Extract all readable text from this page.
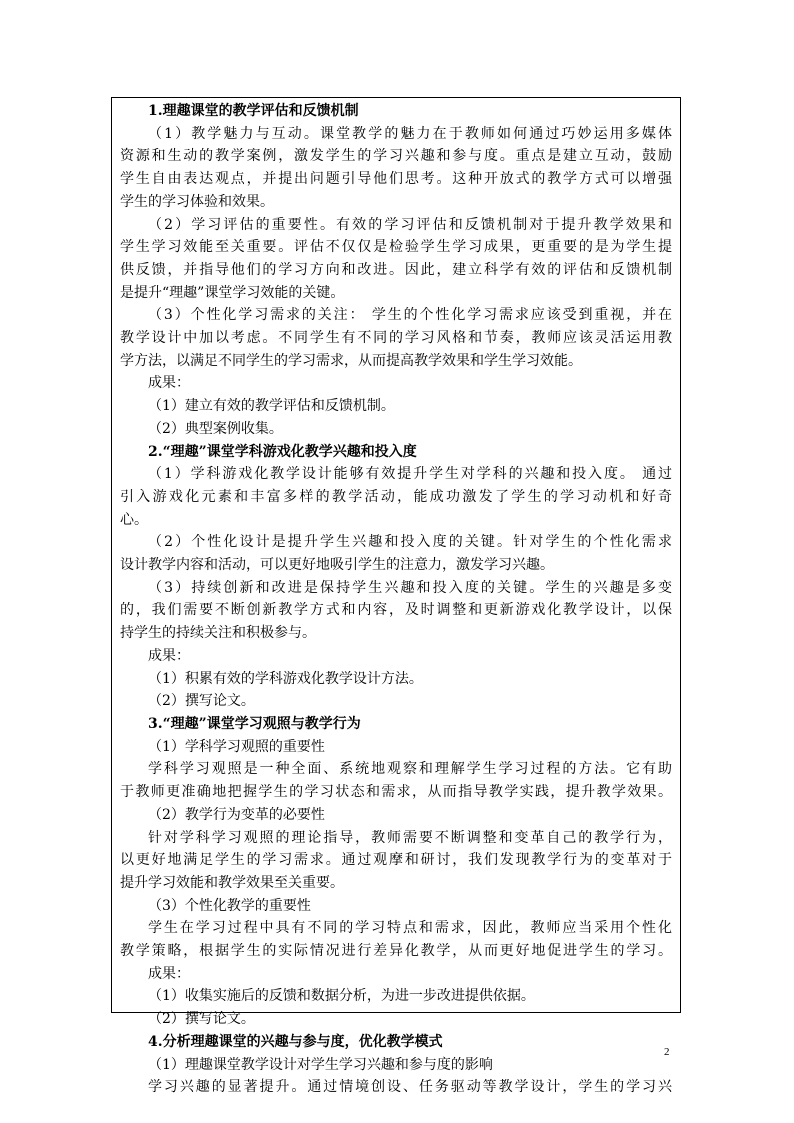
1.理趣课堂的教学评估和反馈机制
（1）教学魅力与互动。课堂教学的魅力在于教师如何通过巧妙运用多媒体
资源和生动的教学案例，激发学生的学习兴趣和参与度。重点是建立互动，鼓励
学生自由表达观点，并提出问题引导他们思考。这种开放式的教学方式可以增强
学生的学习体验和效果。
（2）学习评估的重要性。有效的学习评估和反馈机制对于提升教学效果和
学生学习效能至关重要。评估不仅仅是检验学生学习成果，更重要的是为学生提
供反馈，并指导他们的学习方向和改进。因此，建立科学有效的评估和反馈机制
是提升“理趣”课堂学习效能的关键。
（3）个性化学习需求的关注： 学生的个性化学习需求应该受到重视，并在
教学设计中加以考虑。不同学生有不同的学习风格和节奏，教师应该灵活运用教
学方法，以满足不同学生的学习需求，从而提高教学效果和学生学习效能。
成果：
（1）建立有效的教学评估和反馈机制。
（2）典型案例收集。
2.“理趣”课堂学科游戏化教学兴趣和投入度
（1）学科游戏化教学设计能够有效提升学生对学科的兴趣和投入度。 通过
引入游戏化元素和丰富多样的教学活动，能成功激发了学生的学习动机和好奇
心。
（2）个性化设计是提升学生兴趣和投入度的关键。针对学生的个性化需求
设计教学内容和活动，可以更好地吸引学生的注意力，激发学习兴趣。
（3）持续创新和改进是保持学生兴趣和投入度的关键。学生的兴趣是多变
的，我们需要不断创新教学方式和内容，及时调整和更新游戏化教学设计，以保
持学生的持续关注和积极参与。
成果：
（1）积累有效的学科游戏化教学设计方法。
（2）撰写论文。
3.“理趣”课堂学习观照与教学行为
（1）学科学习观照的重要性
学科学习观照是一种全面、系统地观察和理解学生学习过程的方法。它有助
于教师更准确地把握学生的学习状态和需求，从而指导教学实践，提升教学效果。
（2）教学行为变革的必要性
针对学科学习观照的理论指导，教师需要不断调整和变革自己的教学行为，
以更好地满足学生的学习需求。通过观摩和研讨，我们发现教学行为的变革对于
提升学习效能和教学效果至关重要。
（3）个性化教学的重要性
学生在学习过程中具有不同的学习特点和需求，因此，教师应当采用个性化
教学策略，根据学生的实际情况进行差异化教学，从而更好地促进学生的学习。
成果：
（1）收集实施后的反馈和数据分析，为进一步改进提供依据。
（2）撰写论文。
4.分析理趣课堂的兴趣与参与度，优化教学模式
（1）理趣课堂教学设计对学生学习兴趣和参与度的影响
学习兴趣的显著提升。通过情境创设、任务驱动等教学设计，学生的学习兴
2
